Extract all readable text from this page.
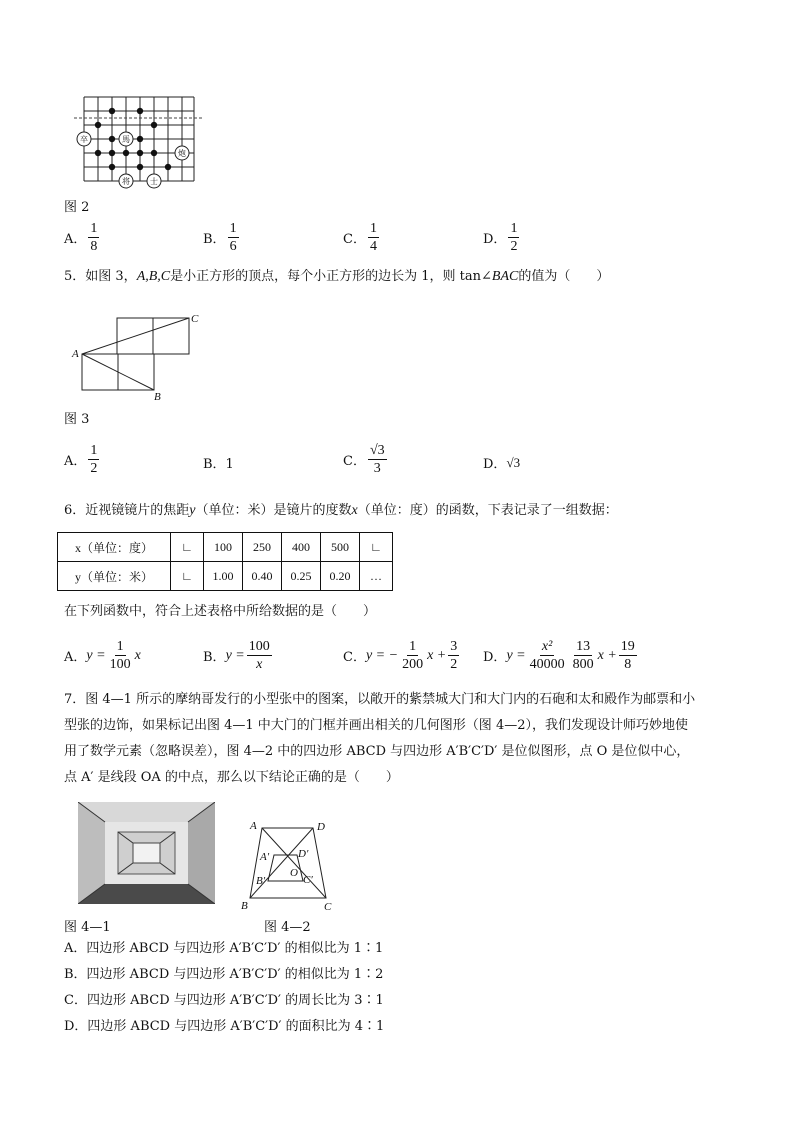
卒	馬
炮
将	士
图 2
A． $\frac{1}{8}$	B． $\frac{1}{6}$	C． $\frac{1}{4}$	D． $\frac{1}{2}$
5．如图 3，A,B,C是小正方形的顶点，每个小正方形的边长为 1，则 tan∠BAC的值为（　　）
A
B
C
图 3
A． $\frac{1}{2}$	B．1	C． $\frac{√3}{3}$	D． √3
6．近视镜镜片的焦距y（单位：米）是镜片的度数x（单位：度）的函数，下表记录了一组数据：
x（单位：度）	∟	100	250	400	500	∟
y（单位：米）	∟	1.00	0.40	0.25	0.20	…
在下列函数中，符合上述表格中所给数据的是（　　）
A． $y = \frac{1}{100}$ x	B． $y = \frac{100}{x}$	C． y = − $\frac{1}{200}$ $x + \frac{3}{2}$ D． $y = \frac{\text{x²}}{40000} \frac{13}{800}$ $x + \frac{19}{8}$
7．图 4—1 所示的摩纳哥发行的小型张中的图案，以敞开的紫禁城大门和大门内的石砲和太和殿作为邮票和小
型张的边饰，如果标记出图 4—1 中大门的门框并画出相关的几何图形（图 4—2），我们发现设计师巧妙地使
用了数学元素（忽略误差），图 4—2 中的四边形 ABCD 与四边形 A′B′C′D′ 是位似图形，点 O 是位似中心，
点 A′ 是线段 OA 的中点，那么以下结论正确的是（　　）
A
B	C
D
A′
B′	C′
D′
O
图 4—1	图 4—2
A．四边形 ABCD 与四边形 A′B′C′D′ 的相似比为 1∶1
B．四边形 ABCD 与四边形 A′B′C′D′ 的相似比为 1∶2
C．四边形 ABCD 与四边形 A′B′C′D′ 的周长比为 3∶1
D．四边形 ABCD 与四边形 A′B′C′D′ 的面积比为 4∶1
